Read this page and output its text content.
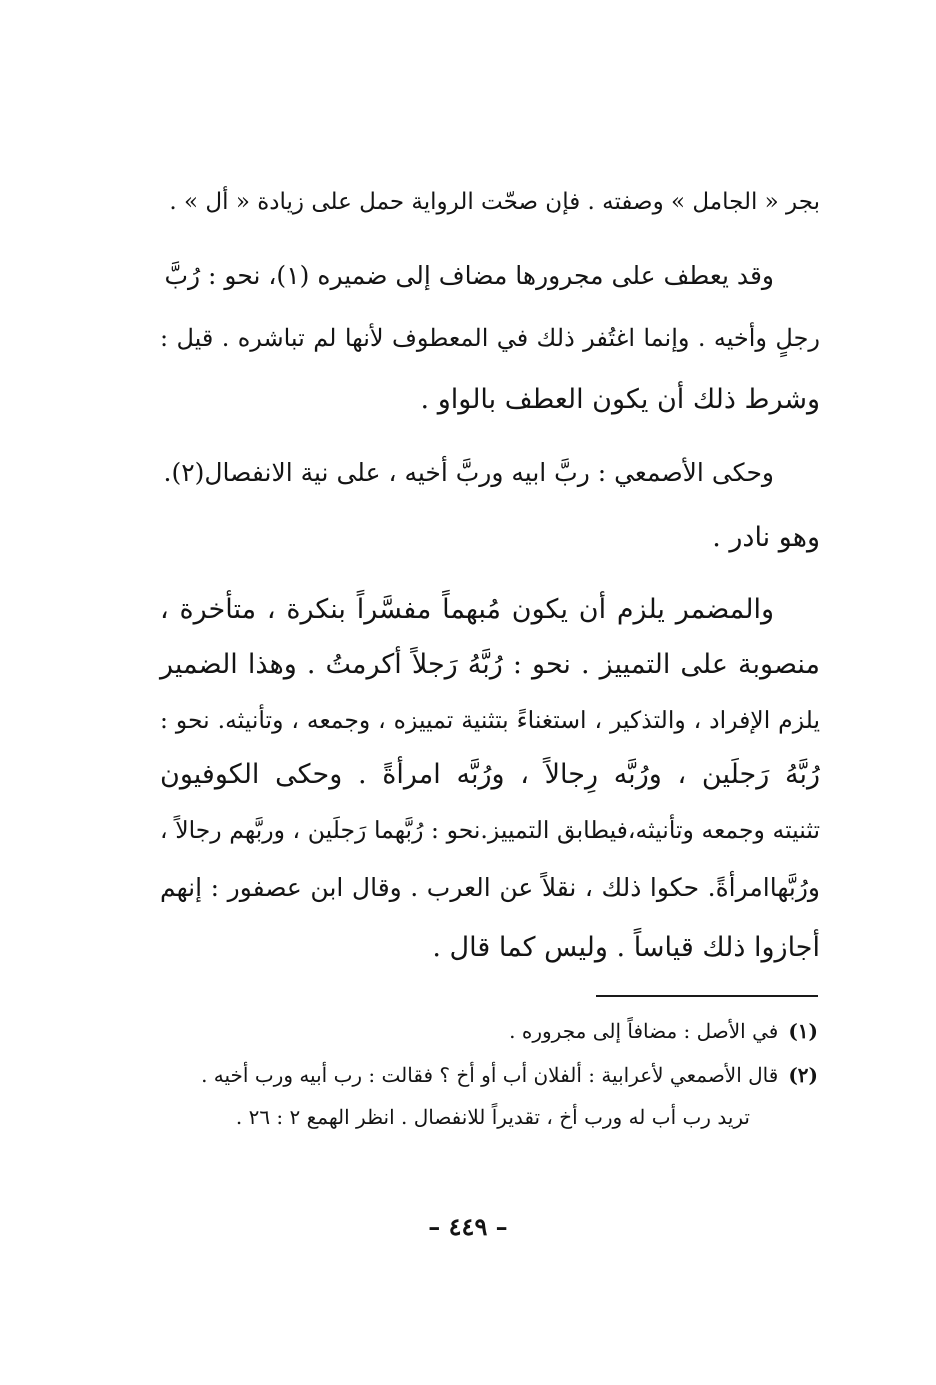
بجر « الجامل » وصفته . فإن صحّت الرواية حمل على زيادة « أل » .
وقد يعطف على مجرورها مضاف إلى ضميره (١)، نحو : رُبَّ
رجلٍ وأخيه . وإنما اغتُفر ذلك في المعطوف لأنها لم تباشره . قيل :
وشرط ذلك أن يكون العطف بالواو .
وحكى الأصمعي : ربَّ ابيه وربَّ أخيه ، على نية الانفصال(٢).
وهو نادر .
والمضمر يلزم أن يكون مُبهماً مفسَّراً بنكرة ، متأخرة ،
منصوبة على التمييز . نحو : رُبَّهُ رَجلاً أكرمتُ . وهذا الضمير
يلزم الإفراد ، والتذكير ، استغناءً بتثنية تمييزه ، وجمعه ، وتأنيثه. نحو :
رُبَّهُ رَجلَين ، ورُبَّه رِجالاً ، ورُبَّه امرأةً . وحكى الكوفيون
تثنيته وجمعه وتأنيثه،فيطابق التمييز.نحو : رُبَّهما رَجلَين ، وربَّهم رجالاً ،
ورُبَّهاامرأةً. حكوا ذلك ، نقلاً عن العرب . وقال ابن عصفور : إنهم
أجازوا ذلك قياساً . وليس كما قال .
(١)في الأصل : مضافاً إلى مجروره .
(٢)قال الأصمعي لأعرابية : ألفلان أب أو أخ ؟ فقالت : رب أبيه ورب أخيه .
تريد رب أب له ورب أخ ، تقديراً للانفصال . انظر الهمع ٢ : ٢٦ .
– ٤٤٩ –
